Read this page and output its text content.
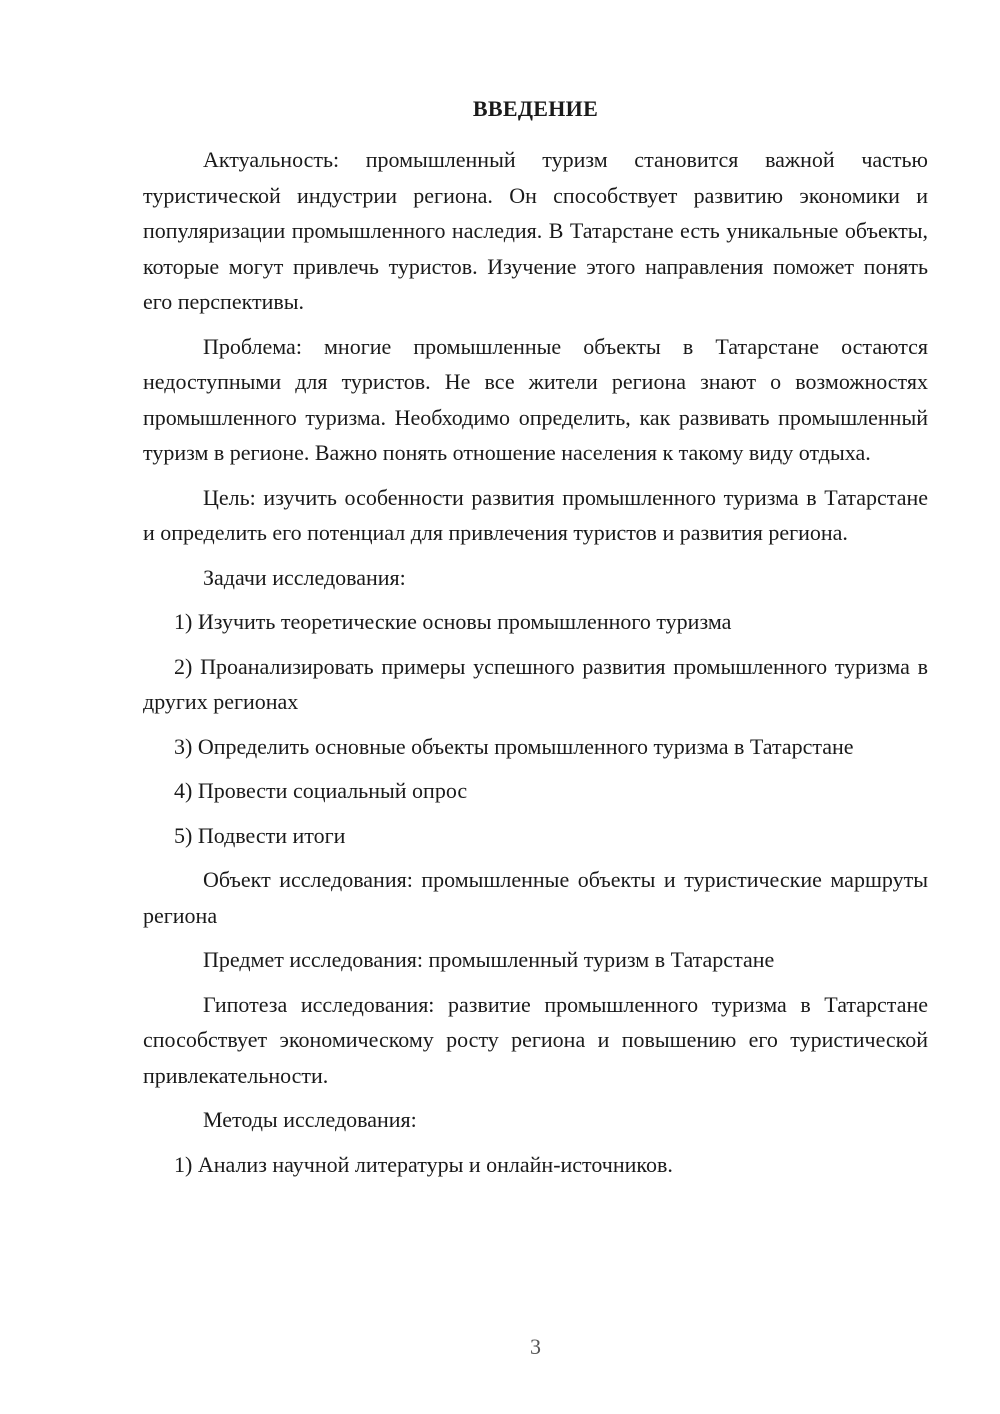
ВВЕДЕНИЕ

Актуальность: промышленный туризм становится важной частью туристической индустрии региона. Он способствует развитию экономики и популяризации промышленного наследия. В Татарстане есть уникальные объекты, которые могут привлечь туристов. Изучение этого направления поможет понять его перспективы.

Проблема: многие промышленные объекты в Татарстане остаются недоступными для туристов. Не все жители региона знают о возможностях промышленного туризма. Необходимо определить, как развивать промышленный туризм в регионе. Важно понять отношение населения к такому виду отдыха.

Цель: изучить особенности развития промышленного туризма в Татарстане и определить его потенциал для привлечения туристов и развития региона.

Задачи исследования:

1) Изучить теоретические основы промышленного туризма

2) Проанализировать примеры успешного развития промышленного туризма в других регионах

3) Определить основные объекты промышленного туризма в Татарстане

4) Провести социальный опрос

5) Подвести итоги

Объект исследования: промышленные объекты и туристические маршруты региона

Предмет исследования: промышленный туризм в Татарстане

Гипотеза исследования: развитие промышленного туризма в Татарстане способствует экономическому росту региона и повышению его туристической привлекательности.

Методы исследования:

1) Анализ научной литературы и онлайн-источников.

3
